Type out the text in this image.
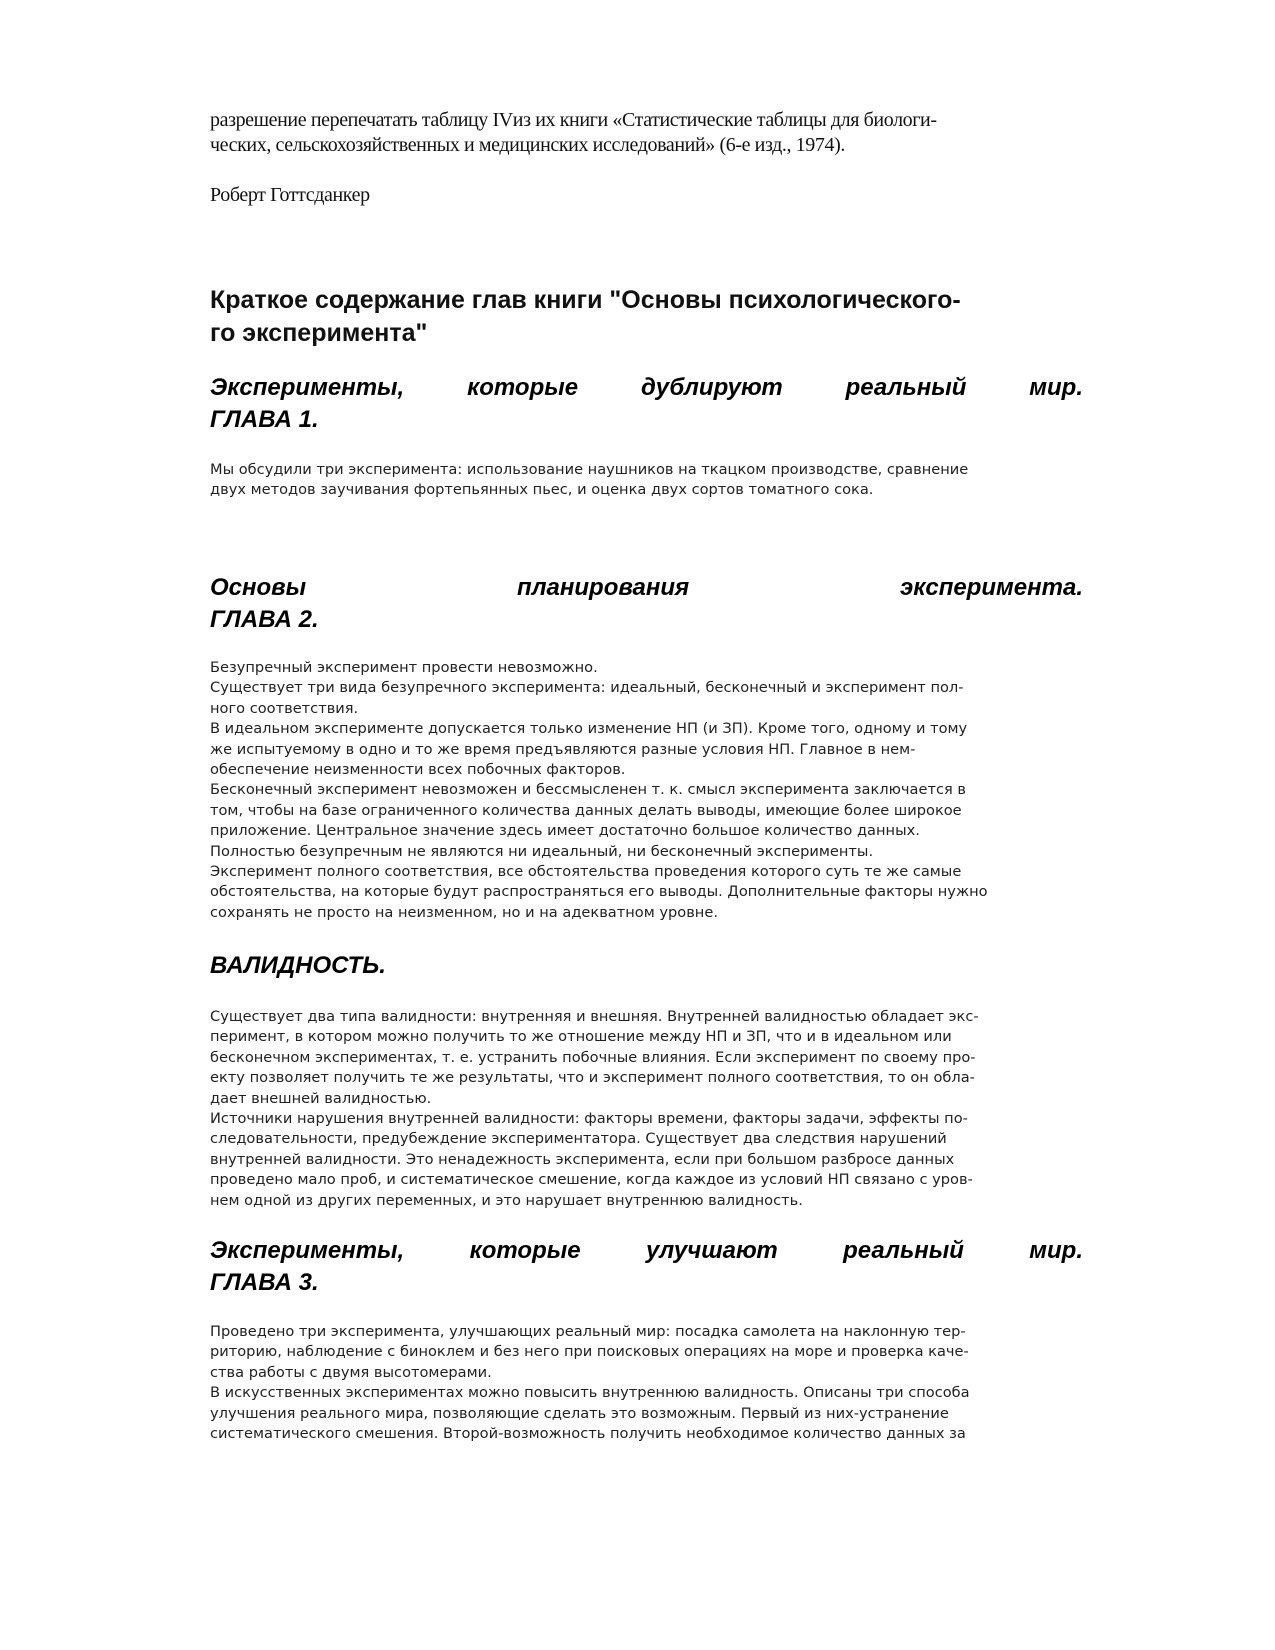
разрешение перепечатать таблицу IVиз их книги «Статистические таблицы для биологи-
ческих, сельскохозяйственных и медицинских исследований» (6-е изд., 1974).
Роберт Готтсданкер
Краткое содержание глав книги "Основы психологического-
го эксперимента"
Эксперименты, которые дублируют реальный мир.
ГЛАВА 1.
Мы обсудили три эксперимента: использование наушников на ткацком производстве, сравнение
двух методов заучивания фортепьянных пьес, и оценка двух сортов томатного сока.
Основы планирования эксперимента.
ГЛАВА 2.
Безупречный эксперимент провести невозможно.
Существует три вида безупречного эксперимента: идеальный, бесконечный и эксперимент пол-
ного соответствия.
В идеальном эксперименте допускается только изменение НП (и ЗП). Кроме того, одному и тому
же испытуемому в одно и то же время предъявляются разные условия НП. Главное в нем-
обеспечение неизменности всех побочных факторов.
Бесконечный эксперимент невозможен и бессмысленен т. к. смысл эксперимента заключается в
том, чтобы на базе ограниченного количества данных делать выводы, имеющие более широкое
приложение. Центральное значение здесь имеет достаточно большое количество данных.
Полностью безупречным не являются ни идеальный, ни бесконечный эксперименты.
Эксперимент полного соответствия, все обстоятельства проведения которого суть те же самые
обстоятельства, на которые будут распространяться его выводы. Дополнительные факторы нужно
сохранять не просто на неизменном, но и на адекватном уровне.
ВАЛИДНОСТЬ.
Существует два типа валидности: внутренняя и внешняя. Внутренней валидностью обладает экс-
перимент, в котором можно получить то же отношение между НП и ЗП, что и в идеальном или
бесконечном экспериментах, т. е. устранить побочные влияния. Если эксперимент по своему про-
екту позволяет получить те же результаты, что и эксперимент полного соответствия, то он обла-
дает внешней валидностью.
Источники нарушения внутренней валидности: факторы времени, факторы задачи, эффекты по-
следовательности, предубеждение экспериментатора. Существует два следствия нарушений
внутренней валидности. Это ненадежность эксперимента, если при большом разбросе данных
проведено мало проб, и систематическое смешение, когда каждое из условий НП связано с уров-
нем одной из других переменных, и это нарушает внутреннюю валидность.
Эксперименты, которые улучшают реальный мир.
ГЛАВА 3.
Проведено три эксперимента, улучшающих реальный мир: посадка самолета на наклонную тер-
риторию, наблюдение с биноклем и без него при поисковых операциях на море и проверка каче-
ства работы с двумя высотомерами.
В искусственных экспериментах можно повысить внутреннюю валидность. Описаны три способа
улучшения реального мира, позволяющие сделать это возможным. Первый из них-устранение
систематического смешения. Второй-возможность получить необходимое количество данных за
